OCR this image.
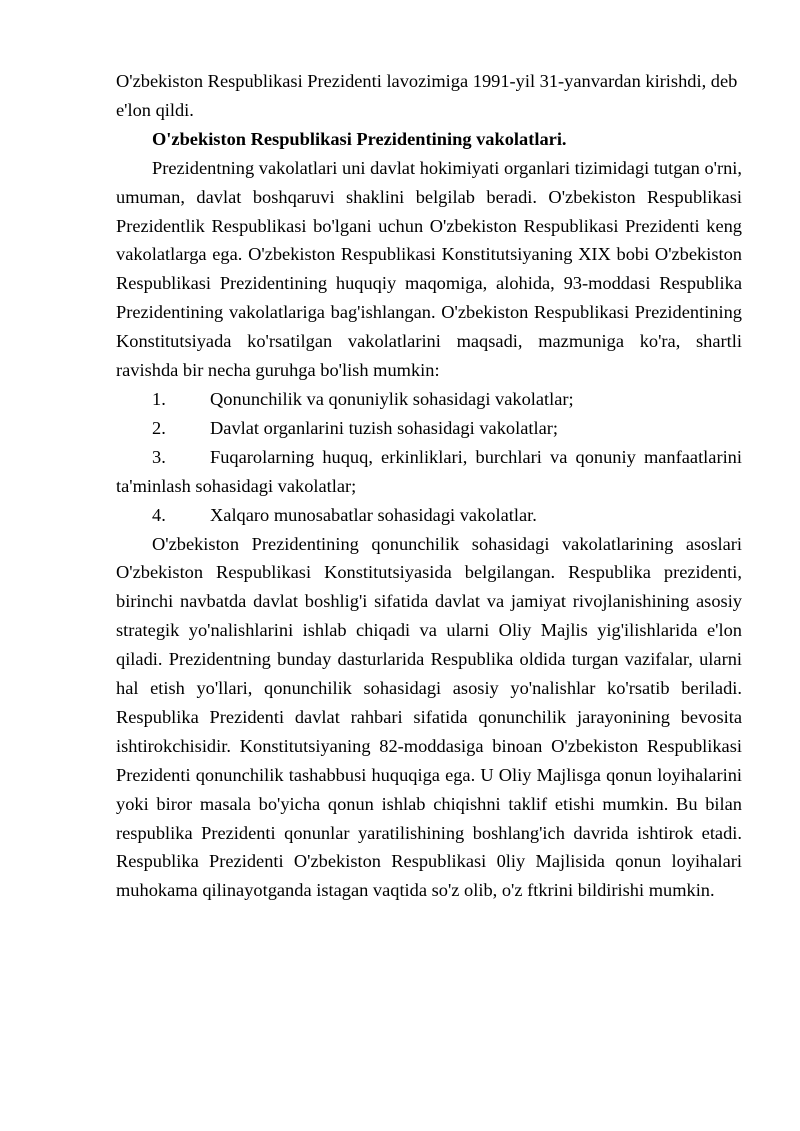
O'zbekiston Respublikasi Prezidenti lavozimiga 1991-yil 31-yanvardan kirishdi, deb e'lon qildi.

O'zbekiston Respublikasi Prezidentining vakolatlari.

Prezidentning vakolatlari uni davlat hokimiyati organlari tizimidagi tutgan o'rni, umuman, davlat boshqaruvi shaklini belgilab beradi. O'zbekiston Respublikasi Prezidentlik Respublikasi bo'lgani uchun O'zbekiston Respublikasi Prezidenti keng vakolatlarga ega. O'zbekiston Respublikasi Konstitutsiyaning XIX bobi O'zbekiston Respublikasi Prezidentining huquqiy maqomiga, alohida, 93-moddasi Respublika Prezidentining vakolatlariga bag'ishlangan. O'zbekiston Respublikasi Prezidentining Konstitutsiyada ko'rsatilgan vakolatlarini maqsadi, mazmuniga ko'ra, shartli ravishda bir necha guruhga bo'lish mumkin:

1.	Qonunchilik va qonuniylik sohasidagi vakolatlar;
2.	Davlat organlarini tuzish sohasidagi vakolatlar;
3. Fuqarolarning huquq, erkinliklari, burchlari va qonuniy manfaatlarini ta'minlash sohasidagi vakolatlar;
4.	Xalqaro munosabatlar sohasidagi vakolatlar.

O'zbekiston Prezidentining qonunchilik sohasidagi vakolatlarining asoslari O'zbekiston Respublikasi Konstitutsiyasida belgilangan. Respublika prezidenti, birinchi navbatda davlat boshlig'i sifatida davlat va jamiyat rivojlanishining asosiy strategik yo'nalishlarini ishlab chiqadi va ularni Oliy Majlis yig'ilishlarida e'lon qiladi. Prezidentning bunday dasturlarida Respublika oldida turgan vazifalar, ularni hal etish yo'llari, qonunchilik sohasidagi asosiy yo'nalishlar ko'rsatib beriladi. Respublika Prezidenti davlat rahbari sifatida qonunchilik jarayonining bevosita ishtirokchisidir. Konstitutsiyaning 82-moddasiga binoan O'zbekiston Respublikasi Prezidenti qonunchilik tashabbusi huquqiga ega. U Oliy Majlisga qonun loyihalarini yoki biror masala bo'yicha qonun ishlab chiqishni taklif etishi mumkin. Bu bilan respublika Prezidenti qonunlar yaratilishining boshlang'ich davrida ishtirok etadi. Respublika Prezidenti O'zbekiston Respublikasi 0liy Majlisida qonun loyihalari muhokama qilinayotganda istagan vaqtida so'z olib, o'z ftkrini bildirishi mumkin.
